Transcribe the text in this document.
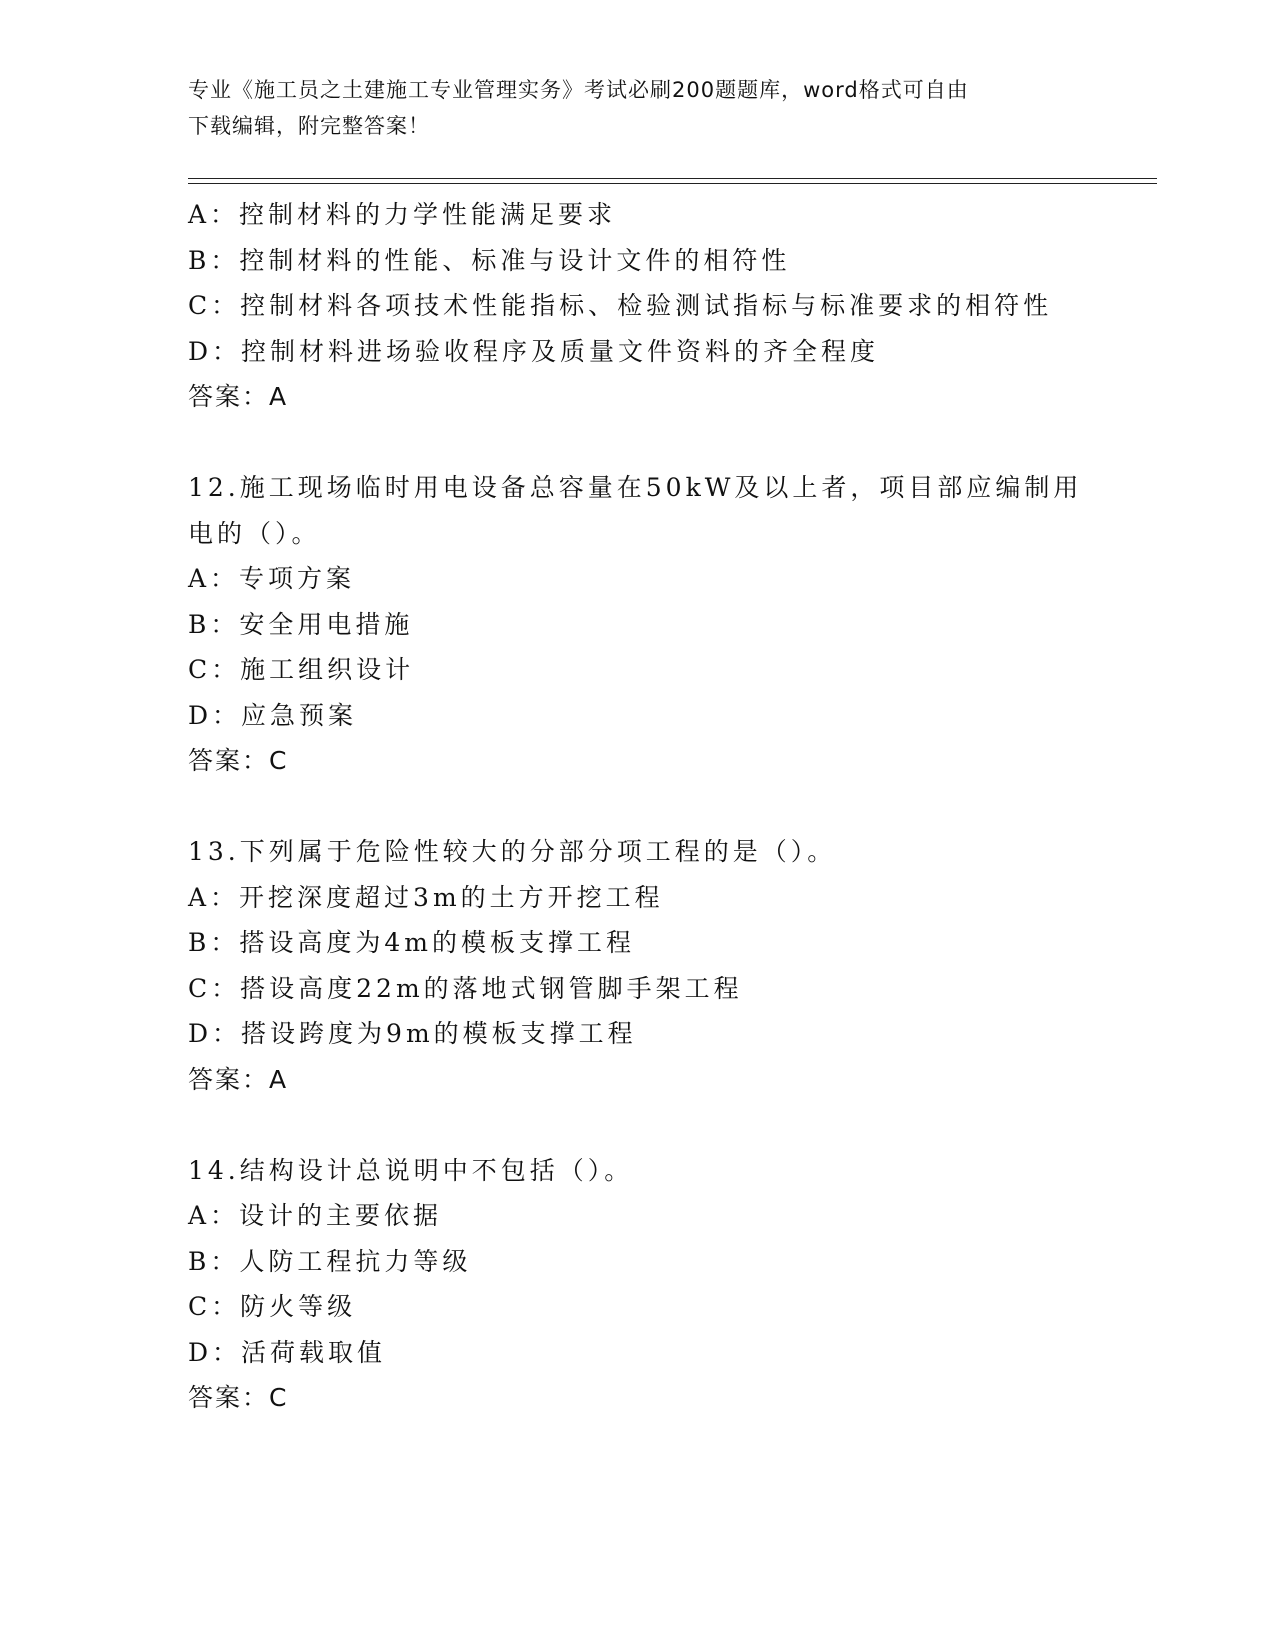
专业《施工员之土建施工专业管理实务》考试必刷200题题库，word格式可自由
下载编辑，附完整答案！

A：控制材料的力学性能满足要求

B：控制材料的性能、标准与设计文件的相符性

C：控制材料各项技术性能指标、检验测试指标与标准要求的相符性

D：控制材料进场验收程序及质量文件资料的齐全程度

答案：A

12.施工现场临时用电设备总容量在50kW及以上者，项目部应编制用

电的（）。

A：专项方案

B：安全用电措施

C：施工组织设计

D：应急预案

答案：C

13.下列属于危险性较大的分部分项工程的是（）。

A：开挖深度超过3m的土方开挖工程

B：搭设高度为4m的模板支撑工程

C：搭设高度22m的落地式钢管脚手架工程

D：搭设跨度为9m的模板支撑工程

答案：A

14.结构设计总说明中不包括（）。

A：设计的主要依据

B：人防工程抗力等级

C：防火等级

D：活荷载取值

答案：C
